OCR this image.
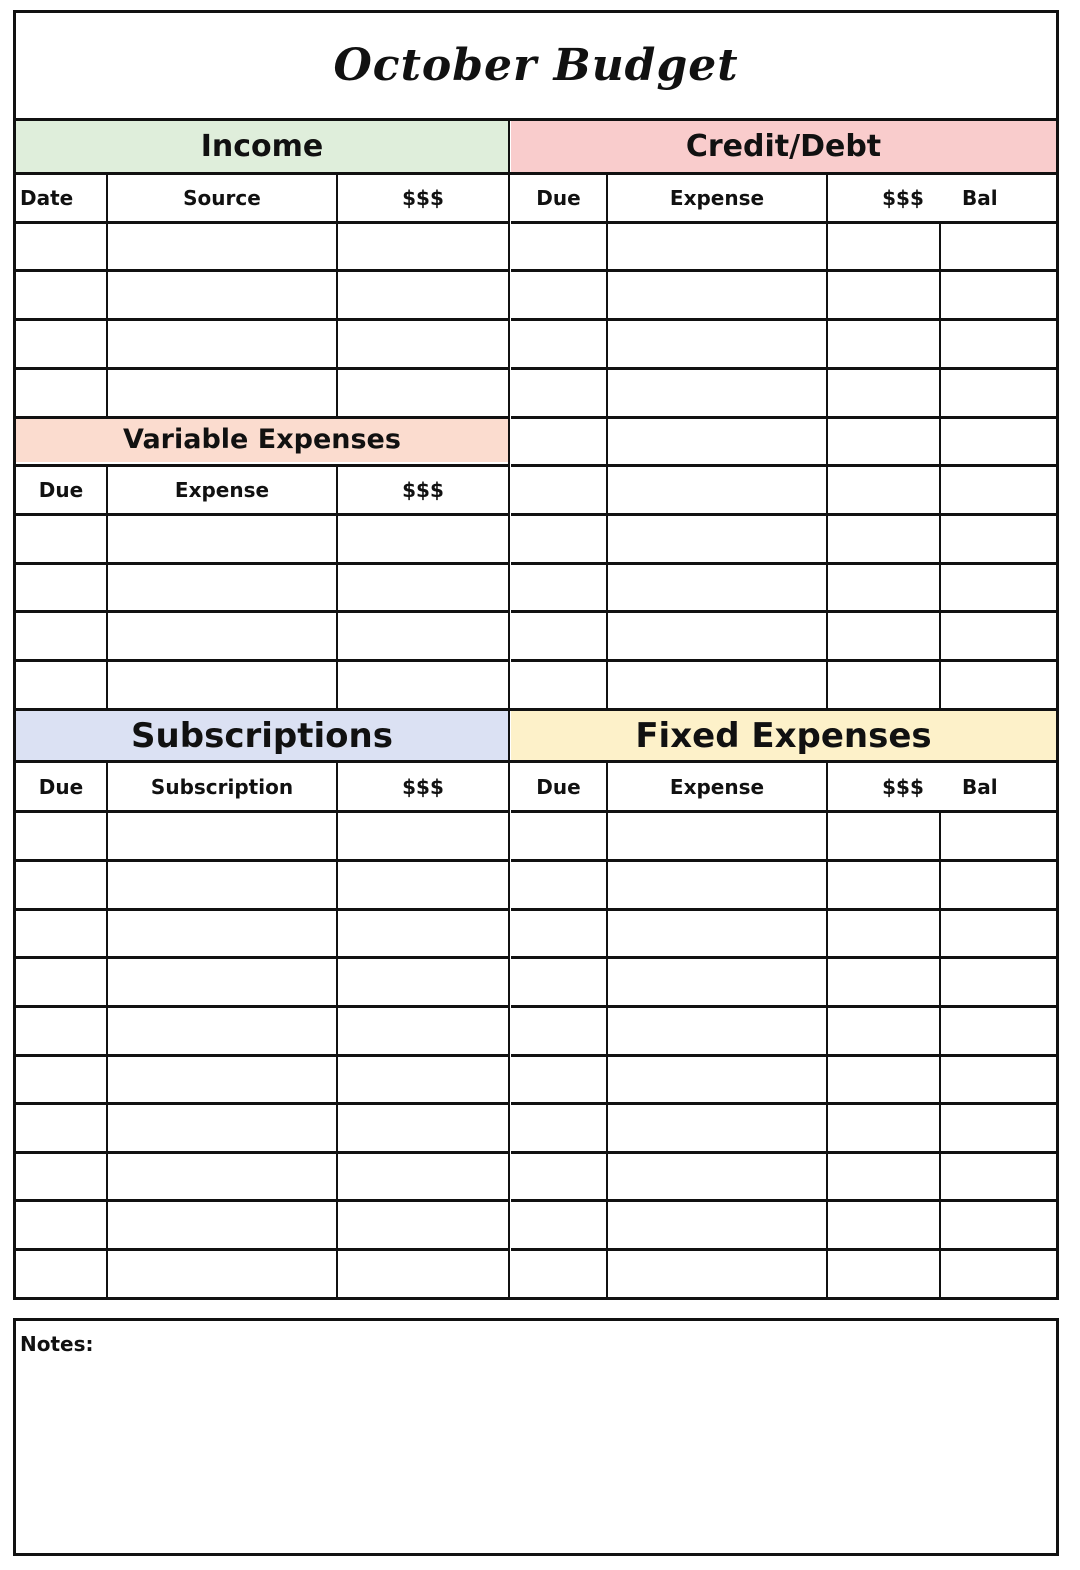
October Budget
Income	Credit/Debt
Date	Source	$$$	Due	Expense	$$$	Bal
Variable Expenses
Due	Expense	$$$
Subscriptions	Fixed Expenses
Due	Subscription	$$$	Due	Expense	$$$	Bal
Notes:
